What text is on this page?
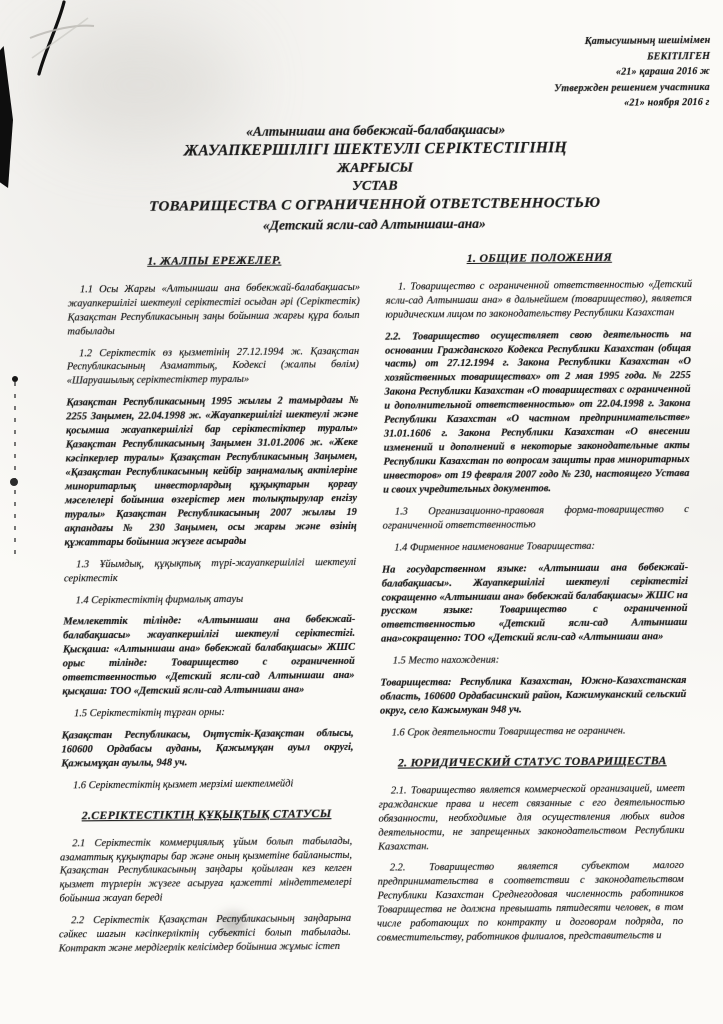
Қатысушының шешімімен
БЕКІТІЛГЕН
«21» қараша 2016 ж
Утвержден решением участника
«21» ноября 2016 г
«Алтыншаш ана бөбекжай-балабақшасы»
ЖАУАПКЕРШІЛІГІ ШЕКТЕУЛІ СЕРІКТЕСТІГІНІҢ
ЖАРҒЫСЫ
УСТАВ
ТОВАРИЩЕСТВА С ОГРАНИЧЕННОЙ ОТВЕТСТВЕННОСТЬЮ
«Детский ясли-сад Алтыншаш-ана»
1. ЖАЛПЫ ЕРЕЖЕЛЕР.

1.1 Осы Жарғы «Алтыншаш ана бөбекжай-балабақшасы» жауапкершілігі шектеулі серіктестігі осыдан әрі (Серіктестік) Қазақстан Республикасының заңы бойынша жарғы құра болып табылады

1.2 Серіктестік өз қызметінің 27.12.1994 ж. Қазақстан Республикасының Азаматтық, Кодексі (жалпы бөлім) «Шаруашылық серіктестіктер туралы»

Қазақстан Республикасының 1995 жылғы 2 тамырдағы № 2255 Заңымен, 22.04.1998 ж. «Жауапкершілігі шектеулі және қосымша жауапкершілігі бар серіктестіктер туралы» Қазақстан Республикасының Заңымен 31.01.2006 ж. «Жеке кәсіпкерлер туралы» Қазақстан Республикасының Заңымен, «Қазақстан Республикасының кейбір заңнамалық актілеріне миноритарлық инвесторлардың құқықтарын қорғау мәселелері бойынша өзгерістер мен толықтырулар енгізу туралы» Қазақстан Республикасының 2007 жылғы 19 ақпандағы № 230 Заңымен, осы жарғы және өзінің құжаттары бойынша жүзеге асырады

1.3 Ұйымдық, құқықтық түрі-жауапкершілігі шектеулі серіктестік

1.4 Серіктестіктің фирмалық атауы

Мемлекеттік тілінде: «Алтыншаш ана бөбекжай-балабақшасы» жауапкершілігі шектеулі серіктестігі. Қысқаша: «Алтыншаш ана» бөбекжай балабақшасы» ЖШС орыс тілінде: Товарищество с ограниченной ответственностью «Детский ясли-сад Алтыншаш ана» қысқаша: ТОО «Детский ясли-сад Алтыншаш ана»

1.5 Серіктестіктің тұрған орны:

Қазақстан Республикасы, Оңтүстік-Қазақстан облысы, 160600 Ордабасы ауданы, Қажымұқан ауыл округі, Қажымұқан ауылы, 948 уч.

1.6 Серіктестіктің қызмет мерзімі шектелмейді

2.СЕРІКТЕСТІКТІҢ ҚҰҚЫҚТЫҚ СТАТУСЫ

2.1 Серіктестік коммерциялық ұйым болып табылады, азаматтық құқықтары бар және оның қызметіне байланысты, Қазақстан Республикасының заңдары қойылған кез келген қызмет түрлерін жүзеге асыруға қажетті міндеттемелері бойынша жауап береді

2.2 Серіктестік Қазақстан Республикасының заңдарына сәйкес шағын кәсіпкерліктің субъектісі болып табылады. Контракт және мердігерлік келісімдер бойынша жұмыс істеп

1. ОБЩИЕ ПОЛОЖЕНИЯ

1. Товарищество с ограниченной ответственностью «Детский ясли-сад Алтыншаш ана» в дальнейшем (товарищество), является юридическим лицом по законодательству Республики Казахстан

2.2. Товарищество осуществляет свою деятельность на основании Гражданского Кодекса Республики Казахстан (общая часть) от 27.12.1994 г. Закона Республики Казахстан «О хозяйственных товариществах» от 2 мая 1995 года. № 2255 Закона Республики Казахстан «О товариществах с ограниченной и дополнительной ответственностью» от 22.04.1998 г. Закона Республики Казахстан «О частном предпринимательстве» 31.01.1606 г. Закона Республики Казахстан «О внесении изменений и дополнений в некоторые законодательные акты Республики Казахстан по вопросам защиты прав миноритарных инвесторов» от 19 февраля 2007 годо № 230, настоящего Устава и своих учредительных документов.

1.3 Организационно-правовая форма-товарищество с ограниченной ответственностью

1.4 Фирменное наименование Товарищества:

На государственном языке: «Алтыншаш ана бөбекжай-балабақшасы». Жауапкершілігі шектеулі серіктестігі сокращенно «Алтыншаш ана» бөбекжай балабақшасы» ЖШС на русском языке: Товарищество с ограниченной ответственностью «Детский ясли-сад Алтыншаш ана»сокращенно: ТОО «Детский ясли-сад «Алтыншаш ана»

1.5 Место нахождения:

Товарищества: Республика Казахстан, Южно-Казахстанская область, 160600 Ордабасинский район, Кажимуканский сельский округ, село Кажымукан 948 уч.

1.6 Срок деятельности Товарищества не ограничен.

2. ЮРИДИЧЕСКИЙ СТАТУС ТОВАРИЩЕСТВА

2.1. Товарищество является коммерческой организацией, имеет гражданские права и несет связанные с его деятельностью обязанности, необходимые для осуществления любых видов деятельности, не запрещенных законодательством Республики Казахстан.

2.2. Товарищество является субъектом малого предпринимательства в соответствии с законодательством Республики Казахстан Среднегодовая численность работников Товарищества не должна превышать пятидесяти человек, в том числе работающих по контракту и договорам подряда, по совместительству, работников филиалов, представительств и
